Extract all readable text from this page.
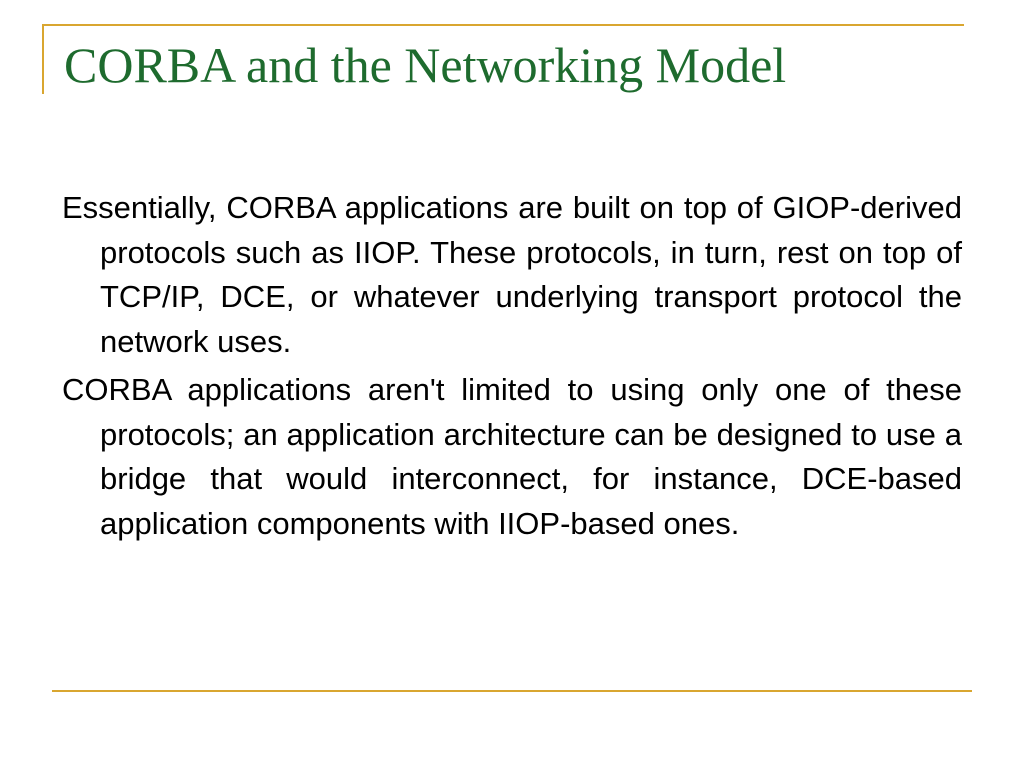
CORBA and the Networking Model

Essentially, CORBA applications are built on top of GIOP-derived protocols such as IIOP. These protocols, in turn, rest on top of TCP/IP, DCE, or whatever underlying transport protocol the network uses.

CORBA applications aren't limited to using only one of these protocols; an application architecture can be designed to use a bridge that would interconnect, for instance, DCE-based application components with IIOP-based ones.
